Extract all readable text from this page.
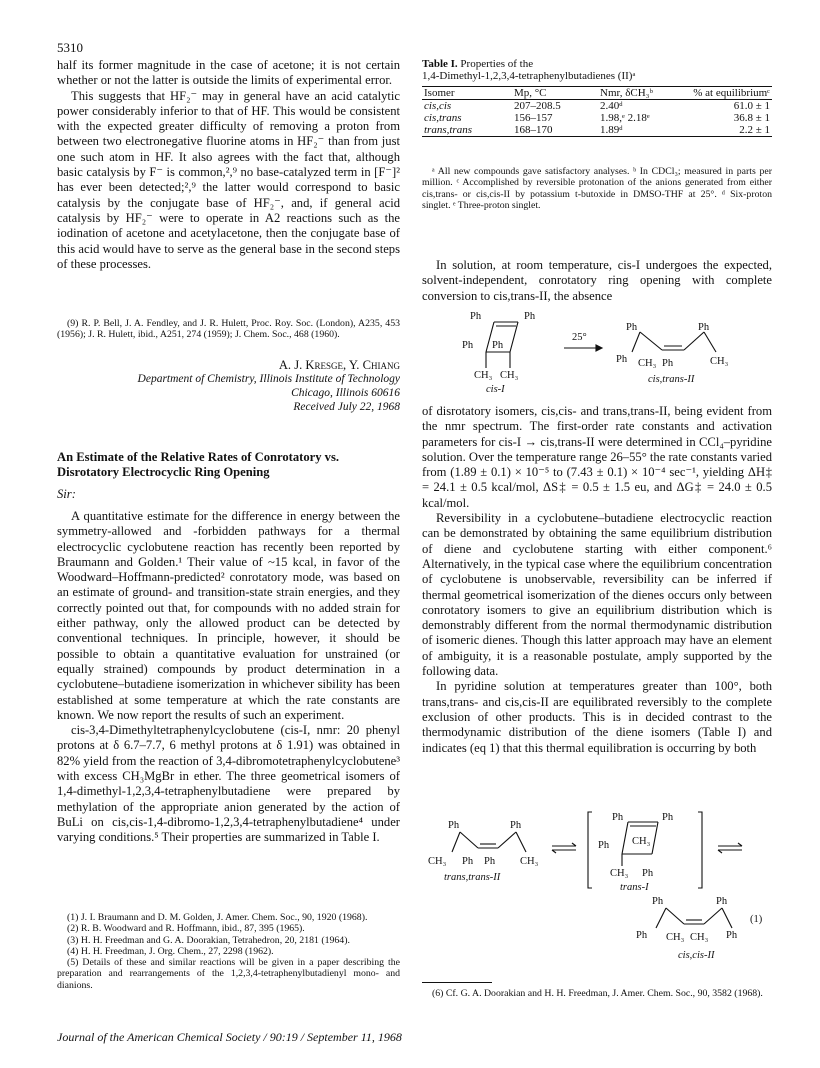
5310

half its former magnitude in the case of acetone; it is not certain whether or not the latter is outside the limits of experimental error.

This suggests that HF₂⁻ may in general have an acid catalytic power considerably inferior to that of HF. This would be consistent with the expected greater difficulty of removing a proton from between two electronegative fluorine atoms in HF₂⁻ than from just one such atom in HF. It also agrees with the fact that, although basic catalysis by F⁻ is common,²,⁹ no base-catalyzed term in [F⁻]² has ever been detected;²,⁹ the latter would correspond to basic catalysis by the conjugate base of HF₂⁻, and, if general acid catalysis by HF₂⁻ were to operate in A2 reactions such as the iodination of acetone and acetylacetone, then the conjugate base of this acid would have to serve as the general base in the second steps of these processes.

(9) R. P. Bell, J. A. Fendley, and J. R. Hulett, Proc. Roy. Soc. (London), A235, 453 (1956); J. R. Hulett, ibid., A251, 274 (1959); J. Chem. Soc., 468 (1960).

A. J. Kresge, Y. Chiang
Department of Chemistry, Illinois Institute of Technology
Chicago, Illinois 60616
Received July 22, 1968
An Estimate of the Relative Rates of Conrotatory vs. Disrotatory Electrocyclic Ring Opening
Sir:

A quantitative estimate for the difference in energy between the symmetry-allowed and -forbidden pathways for a thermal electrocyclic cyclobutene reaction has recently been reported by Braumann and Golden.¹ Their value of ~15 kcal, in favor of the Woodward–Hoffmann-predicted² conrotatory mode, was based on an estimate of ground- and transition-state strain energies, and they correctly pointed out that, for compounds with no added strain for either pathway, only the allowed product can be detected by conventional techniques. In principle, however, it should be possible to obtain a quantitative evaluation for unstrained (or equally strained) compounds by product determination in a cyclobutene–butadiene isomerization in whichever sibility has been established at some temperature at which the rate constants are known. We now report the results of such an experiment.

cis-3,4-Dimethyltetraphenylcyclobutene (cis-I, nmr: 20 phenyl protons at δ 6.7–7.7, 6 methyl protons at δ 1.91) was obtained in 82% yield from the reaction of 3,4-dibromotetraphenylcyclobutene³ with excess CH₃MgBr in ether. The three geometrical isomers of 1,4-dimethyl-1,2,3,4-tetraphenylbutadiene were prepared by methylation of the appropriate anion generated by the action of BuLi on cis,cis-1,4-dibromo-1,2,3,4-tetraphenylbutadiene⁴ under varying conditions.⁵ Their properties are summarized in Table I.

(1) J. I. Braumann and D. M. Golden, J. Amer. Chem. Soc., 90, 1920 (1968).

(2) R. B. Woodward and R. Hoffmann, ibid., 87, 395 (1965).

(3) H. H. Freedman and G. A. Doorakian, Tetrahedron, 20, 2181 (1964).

(4) H. H. Freedman, J. Org. Chem., 27, 2298 (1962).

(5) Details of these and similar reactions will be given in a paper describing the preparation and rearrangements of the 1,2,3,4-tetraphenylbutadienyl mono- and dianions.

Table I. Properties of the
1,4-Dimethyl-1,2,3,4-tetraphenylbutadienes (II)ᵃ
Isomer	Mp, °C	Nmr, δCH₃ᵇ	% at equilibriumᶜ
cis,cis	207–208.5	2.40ᵈ	61.0 ± 1
cis,trans	156–157	1.98,ᵉ 2.18ᵉ	36.8 ± 1
trans,trans	168–170	1.89ᵈ	2.2 ± 1

ᵃ All new compounds gave satisfactory analyses. ᵇ In CDCl₃; measured in parts per million. ᶜ Accomplished by reversible protonation of the anions generated from either cis,trans- or cis,cis-II by potassium t-butoxide in DMSO-THF at 25°. ᵈ Six-proton singlet. ᵉ Three-proton singlet.

In solution, at room temperature, cis-I undergoes the expected, solvent-independent, conrotatory ring opening with complete conversion to cis,trans-II, the absence

Ph	Ph
Ph Ph
CH₃ CH₃
cis-I
25°
Ph	Ph
Ph CH₃ Ph	CH₃
cis,trans-II

of disrotatory isomers, cis,cis- and trans,trans-II, being evident from the nmr spectrum. The first-order rate constants and activation parameters for cis-I → cis,trans-II were determined in CCl₄–pyridine solution. Over the temperature range 26–55° the rate constants varied from (1.89 ± 0.1) × 10⁻⁵ to (7.43 ± 0.1) × 10⁻⁴ sec⁻¹, yielding ΔH‡ = 24.1 ± 0.5 kcal/mol, ΔS‡ = 0.5 ± 1.5 eu, and ΔG‡ = 24.0 ± 0.5 kcal/mol.

Reversibility in a cyclobutene–butadiene electrocyclic reaction can be demonstrated by obtaining the same equilibrium distribution of diene and cyclobutene starting with either component.⁶ Alternatively, in the typical case where the equilibrium concentration of cyclobutene is unobservable, reversibility can be inferred if thermal geometrical isomerization of the dienes occurs only between conrotatory isomers to give an equilibrium distribution which is demonstrably different from the normal thermodynamic distribution of isomeric dienes. Though this latter approach may have an element of ambiguity, it is a reasonable postulate, amply supported by the following data.

In pyridine solution at temperatures greater than 100°, both trans,trans- and cis,cis-II are equilibrated reversibly to the complete exclusion of other products. This is in decided contrast to the thermodynamic distribution of the diene isomers (Table I) and indicates (eq 1) that this thermal equilibration is occurring by both

Ph	Ph
CH₃ Ph Ph CH₃
trans,trans-II
Ph	Ph
Ph CH₃
CH₃ Ph
trans-I
Ph	Ph
Ph CH₃ CH₃ Ph
cis,cis-II
(1)

(6) Cf. G. A. Doorakian and H. H. Freedman, J. Amer. Chem. Soc., 90, 3582 (1968).

Journal of the American Chemical Society / 90:19 / September 11, 1968
